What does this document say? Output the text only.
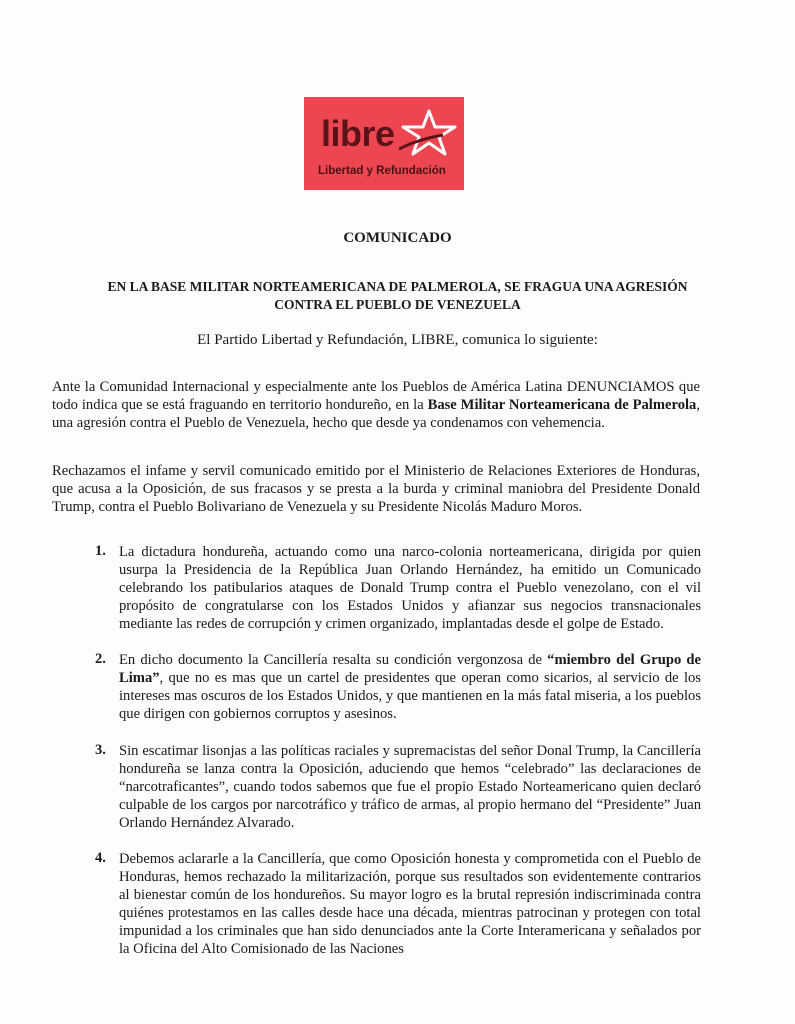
libre
Libertad y Refundación
COMUNICADO
EN LA BASE MILITAR NORTEAMERICANA DE PALMEROLA, SE FRAGUA UNA AGRESIÓN
CONTRA EL PUEBLO DE VENEZUELA
El Partido Libertad y Refundación, LIBRE, comunica lo siguiente:
Ante la Comunidad Internacional y especialmente ante los Pueblos de América Latina DENUNCIAMOS que todo indica que se está fraguando en territorio hondureño, en la Base Militar Norteamericana de Palmerola, una agresión contra el Pueblo de Venezuela, hecho que desde ya condenamos con vehemencia.
Rechazamos el infame y servil comunicado emitido por el Ministerio de Relaciones Exteriores de Honduras, que acusa a la Oposición, de sus fracasos y se presta a la burda y criminal maniobra del Presidente Donald Trump, contra el Pueblo Bolivariano de Venezuela y su Presidente Nicolás Maduro Moros.
1. La dictadura hondureña, actuando como una narco-colonia norteamericana, dirigida por quien usurpa la Presidencia de la República Juan Orlando Hernández, ha emitido un Comunicado celebrando los patibularios ataques de Donald Trump contra el Pueblo venezolano, con el vil propósito de congratularse con los Estados Unidos y afianzar sus negocios transnacionales mediante las redes de corrupción y crimen organizado, implantadas desde el golpe de Estado.
2. En dicho documento la Cancillería resalta su condición vergonzosa de “miembro del Grupo de Lima”, que no es mas que un cartel de presidentes que operan como sicarios, al servicio de los intereses mas oscuros de los Estados Unidos, y que mantienen en la más fatal miseria, a los pueblos que dirigen con gobiernos corruptos y asesinos.
3. Sin escatimar lisonjas a las políticas raciales y supremacistas del señor Donal Trump, la Cancillería hondureña se lanza contra la Oposición, aduciendo que hemos “celebrado” las declaraciones de “narcotraficantes”, cuando todos sabemos que fue el propio Estado Norteamericano quien declaró culpable de los cargos por narcotráfico y tráfico de armas, al propio hermano del “Presidente” Juan Orlando Hernández Alvarado.
4. Debemos aclararle a la Cancillería, que como Oposición honesta y comprometida con el Pueblo de Honduras, hemos rechazado la militarización, porque sus resultados son evidentemente contrarios al bienestar común de los hondureños. Su mayor logro es la brutal represión indiscriminada contra quiénes protestamos en las calles desde hace una década, mientras patrocinan y protegen con total impunidad a los criminales que han sido denunciados ante la Corte Interamericana y señalados por la Oficina del Alto Comisionado de las Naciones
